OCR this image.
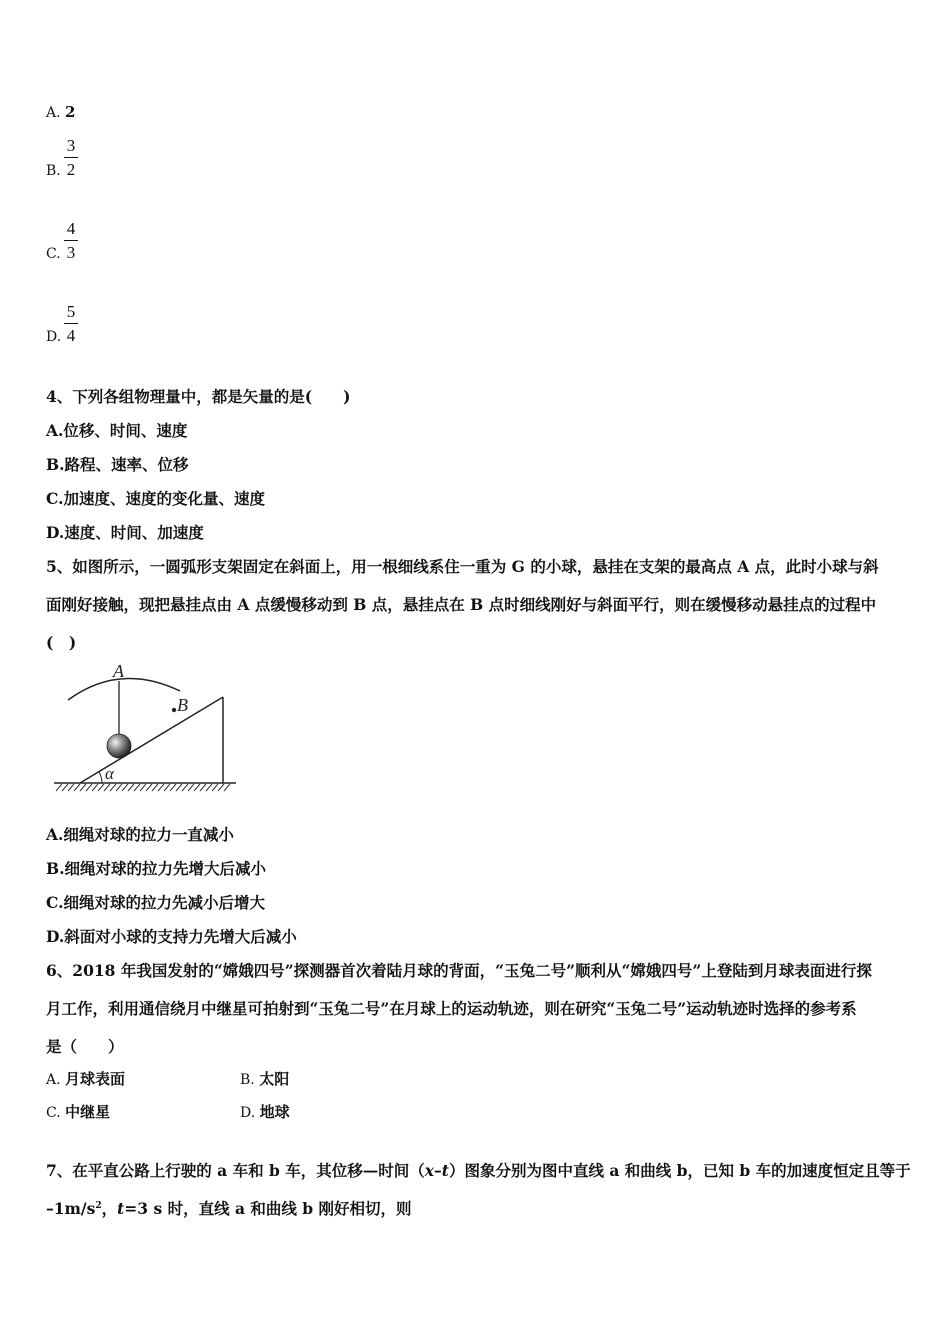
A. 2
B.
3
2
C.
4
3
D.
5
4
4、下列各组物理量中，都是矢量的是(　　)
A.位移、时间、速度
B.路程、速率、位移
C.加速度、速度的变化量、速度
D.速度、时间、加速度
5、如图所示，一圆弧形支架固定在斜面上，用一根细线系住一重为 G 的小球，悬挂在支架的最高点 A 点，此时小球与斜
面刚好接触，现把悬挂点由 A 点缓慢移动到 B 点，悬挂点在 B 点时细线刚好与斜面平行，则在缓慢移动悬挂点的过程中
(　)
A
B
α
A.细绳对球的拉力一直减小
B.细绳对球的拉力先增大后减小
C.细绳对球的拉力先减小后增大
D.斜面对小球的支持力先增大后减小
6、2018 年我国发射的“嫦娥四号”探测器首次着陆月球的背面，“玉兔二号”顺利从“嫦娥四号”上登陆到月球表面进行探
月工作，利用通信绕月中继星可拍射到“玉兔二号”在月球上的运动轨迹，则在研究“玉兔二号”运动轨迹时选择的参考系
是（　　）
A. 月球表面	B. 太阳
C. 中继星	D. 地球
7、在平直公路上行驶的 a 车和 b 车，其位移—时间（x–t）图象分别为图中直线 a 和曲线 b，已知 b 车的加速度恒定且等于
$-1m/s^2$，t=3 s 时，直线 a 和曲线 b 刚好相切，则
